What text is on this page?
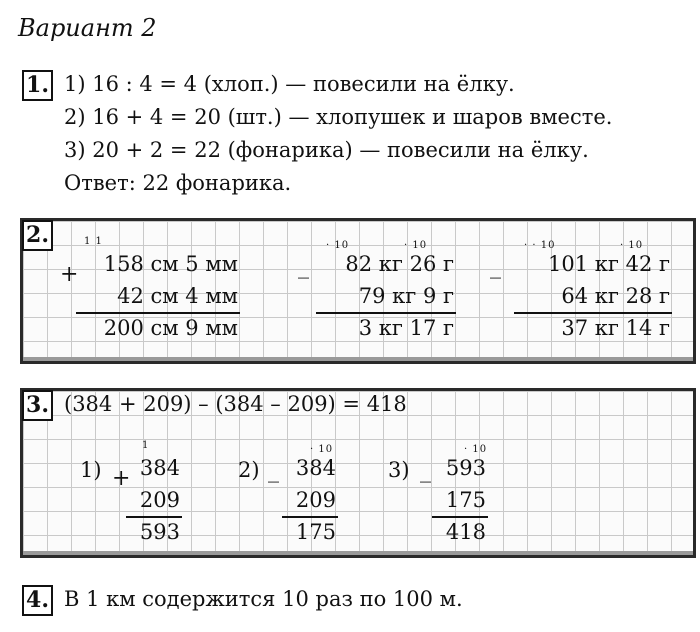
Вариант 2
1. 1) 16 : 4 = 4 (хлоп.) — повесили на ёлку.
2) 16 + 4 = 20 (шт.) — хлопушек и шаров вместе.
3) 20 + 2 = 22 (фонарика) — повесили на ёлку.
Ответ: 22 фонарика.
2.	1 1
+	158 см 5 мм
42 см 4 мм
200 см 9 мм
· 10	· 10
_	82 кг 26 г
79 кг 9 г
3 кг 17 г
· · 10	· 10
_	101 кг 42 г
64 кг 28 г
37 кг 14 г
3. (384 + 209) – (384 – 209) = 418
1)
1
+ 384
209
593
2)
· 10
_ 384
209
175
3)
· 10
_ 593
175
418
4. В 1 км содержится 10 раз по 100 м.
